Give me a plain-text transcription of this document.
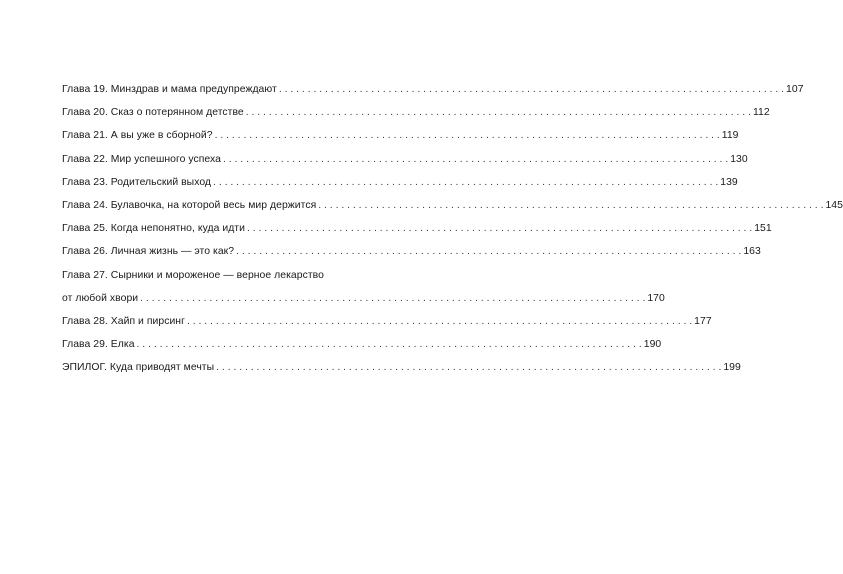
Глава 19. Минздрав и мама предупреждают . . .	107
Глава 20. Сказ о потерянном детстве . . .	112
Глава 21. А вы уже в сборной? . . .	119
Глава 22. Мир успешного успеха . . .	130
Глава 23. Родительский выход . . .	139
Глава 24. Булавочка, на которой весь мир держится . . .	145
Глава 25. Когда непонятно, куда идти . . .	151
Глава 26. Личная жизнь — это как? . . .	163
Глава 27. Сырники и мороженое — верное лекарство
от любой хвори . . .	170
Глава 28. Хайп и пирсинг . . .	177
Глава 29. Елка . . .	190
ЭПИЛОГ. Куда приводят мечты . . .	199
